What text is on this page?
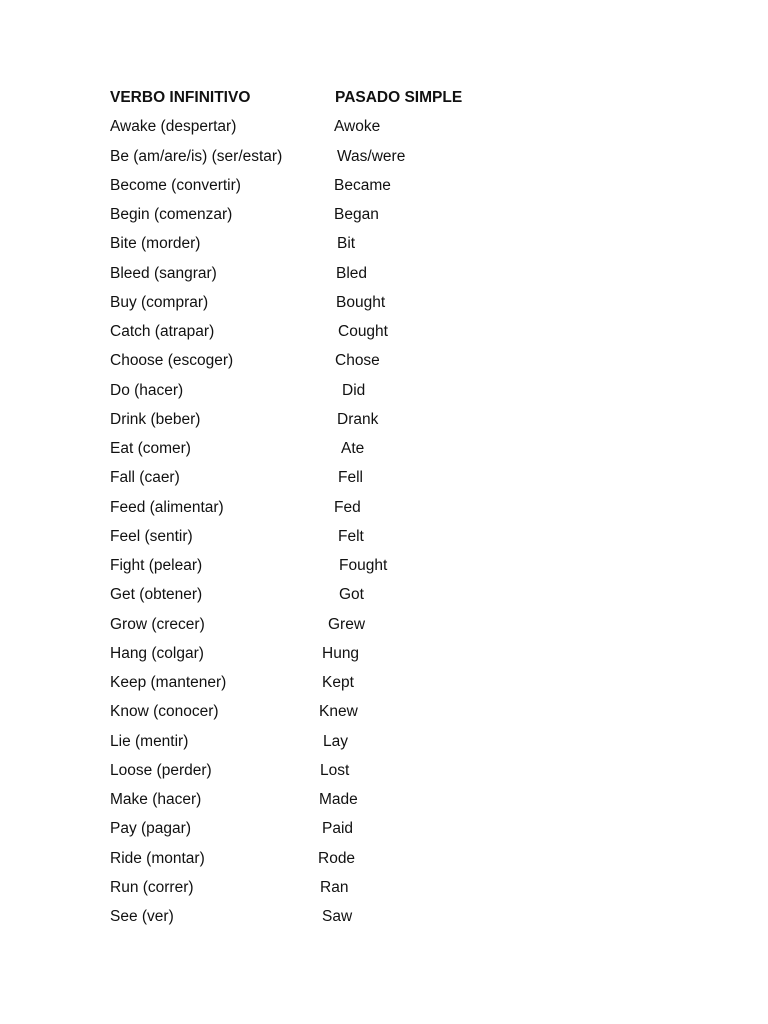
VERBO INFINITIVO	PASADO SIMPLE
Awake (despertar)	Awoke
Be (am/are/is) (ser/estar)	Was/were
Become (convertir)	Became
Begin (comenzar)	Began
Bite (morder)	Bit
Bleed (sangrar)	Bled
Buy (comprar)	Bought
Catch (atrapar)	Cought
Choose (escoger)	Chose
Do (hacer)	Did
Drink (beber)	Drank
Eat (comer)	Ate
Fall (caer)	Fell
Feed (alimentar)	Fed
Feel (sentir)	Felt
Fight (pelear)	Fought
Get (obtener)	Got
Grow (crecer)	Grew
Hang (colgar)	Hung
Keep (mantener)	Kept
Know (conocer)	Knew
Lie (mentir)	Lay
Loose (perder)	Lost
Make (hacer)	Made
Pay (pagar)	Paid
Ride (montar)	Rode
Run (correr)	Ran
See (ver)	Saw
